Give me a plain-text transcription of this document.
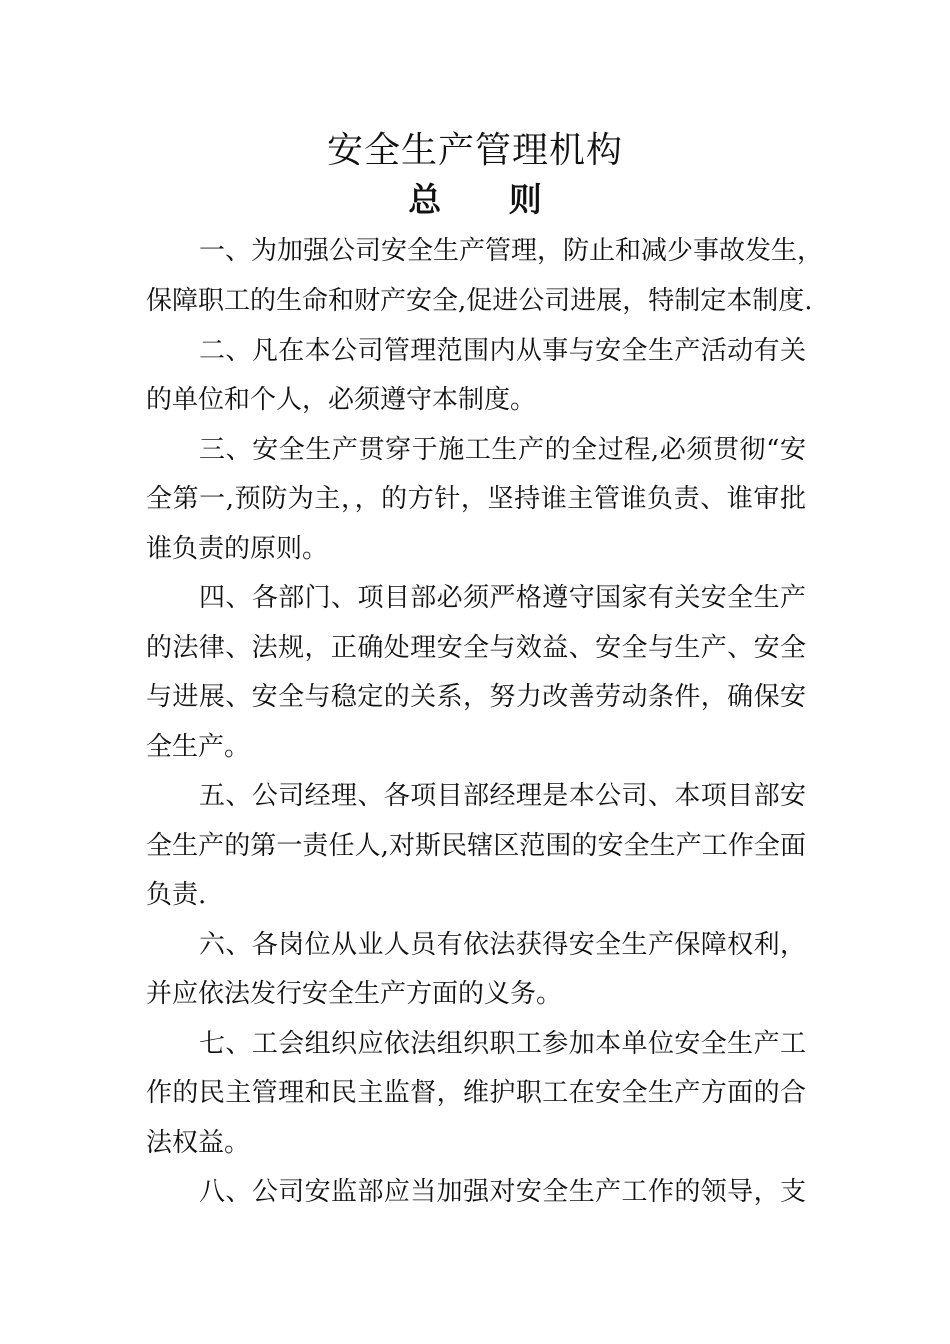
安全生产管理机构
总 则
一、为加强公司安全生产管理，防止和减少事故发生，
保障职工的生命和财产安全,促进公司进展，特制定本制度.
二、凡在本公司管理范围内从事与安全生产活动有关
的单位和个人，必须遵守本制度。
三、安全生产贯穿于施工生产的全过程,必须贯彻“安
全第一,预防为主，，的方针，坚持谁主管谁负责、谁审批
谁负责的原则。
四、各部门、项目部必须严格遵守国家有关安全生产
的法律、法规，正确处理安全与效益、安全与生产、安全
与进展、安全与稳定的关系，努力改善劳动条件，确保安
全生产。
五、公司经理、各项目部经理是本公司、本项目部安
全生产的第一责任人,对斯民辖区范围的安全生产工作全面
负责.
六、各岗位从业人员有依法获得安全生产保障权利，
并应依法发行安全生产方面的义务。
七、工会组织应依法组织职工参加本单位安全生产工
作的民主管理和民主监督，维护职工在安全生产方面的合
法权益。
八、公司安监部应当加强对安全生产工作的领导，支
